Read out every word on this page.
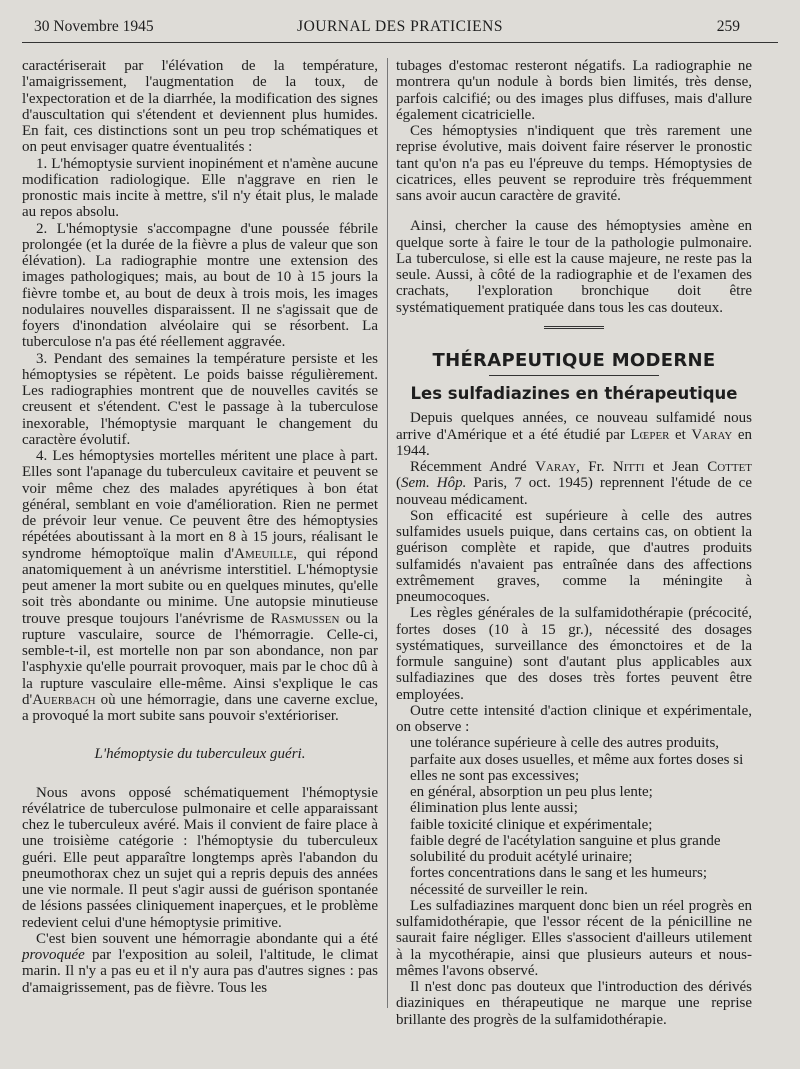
30 Novembre 1945	JOURNAL DES PRATICIENS	259

caractériserait par l'élévation de la température, l'amaigrissement, l'augmentation de la toux, de l'expectoration et de la diarrhée, la modification des signes d'auscultation qui s'étendent et deviennent plus humides. En fait, ces distinctions sont un peu trop schématiques et on peut envisager quatre éventualités :

1. L'hémoptysie survient inopinément et n'amène aucune modification radiologique. Elle n'aggrave en rien le pronostic mais incite à mettre, s'il n'y était plus, le malade au repos absolu.

2. L'hémoptysie s'accompagne d'une poussée fébrile prolongée (et la durée de la fièvre a plus de valeur que son élévation). La radiographie montre une extension des images pathologiques; mais, au bout de 10 à 15 jours la fièvre tombe et, au bout de deux à trois mois, les images nodulaires nouvelles disparaissent. Il ne s'agissait que de foyers d'inondation alvéolaire qui se résorbent. La tuberculose n'a pas été réellement aggravée.

3. Pendant des semaines la température persiste et les hémoptysies se répètent. Le poids baisse régulièrement. Les radiographies montrent que de nouvelles cavités se creusent et s'étendent. C'est le passage à la tuberculose inexorable, l'hémoptysie marquant le changement du caractère évolutif.

4. Les hémoptysies mortelles méritent une place à part. Elles sont l'apanage du tuberculeux cavitaire et peuvent se voir même chez des malades apyrétiques à bon état général, semblant en voie d'amélioration. Rien ne permet de prévoir leur venue. Ce peuvent être des hémoptysies répétées aboutissant à la mort en 8 à 15 jours, réalisant le syndrome hémoptoïque malin d'Ameuille, qui répond anatomiquement à un anévrisme interstitiel. L'hémoptysie peut amener la mort subite ou en quelques minutes, qu'elle soit très abondante ou minime. Une autopsie minutieuse trouve presque toujours l'anévrisme de Rasmussen ou la rupture vasculaire, source de l'hémorragie. Celle-ci, semble-t-il, est mortelle non par son abondance, non par l'asphyxie qu'elle pourrait provoquer, mais par le choc dû à la rupture vasculaire elle-même. Ainsi s'explique le cas d'Auerbach où une hémorragie, dans une caverne exclue, a provoqué la mort subite sans pouvoir s'extérioriser.

L'hémoptysie du tuberculeux guéri.

Nous avons opposé schématiquement l'hémoptysie révélatrice de tuberculose pulmonaire et celle apparaissant chez le tuberculeux avéré. Mais il convient de faire place à une troisième catégorie : l'hémoptysie du tuberculeux guéri. Elle peut apparaître longtemps après l'abandon du pneumothorax chez un sujet qui a repris depuis des années une vie normale. Il peut s'agir aussi de guérison spontanée de lésions passées cliniquement inaperçues, et le problème redevient celui d'une hémoptysie primitive.

C'est bien souvent une hémorragie abondante qui a été provoquée par l'exposition au soleil, l'altitude, le climat marin. Il n'y a pas eu et il n'y aura pas d'autres signes : pas d'amaigrissement, pas de fièvre. Tous les

tubages d'estomac resteront négatifs. La radiographie ne montrera qu'un nodule à bords bien limités, très dense, parfois calcifié; ou des images plus diffuses, mais d'allure également cicatricielle.

Ces hémoptysies n'indiquent que très rarement une reprise évolutive, mais doivent faire réserver le pronostic tant qu'on n'a pas eu l'épreuve du temps. Hémoptysies de cicatrices, elles peuvent se reproduire très fréquemment sans avoir aucun caractère de gravité.

Ainsi, chercher la cause des hémoptysies amène en quelque sorte à faire le tour de la pathologie pulmonaire. La tuberculose, si elle est la cause majeure, ne reste pas la seule. Aussi, à côté de la radiographie et de l'examen des crachats, l'exploration bronchique doit être systématiquement pratiquée dans tous les cas douteux.

THÉRAPEUTIQUE MODERNE

Les sulfadiazines en thérapeutique

Depuis quelques années, ce nouveau sulfamidé nous arrive d'Amérique et a été étudié par Lœper et Varay en 1944.

Récemment André Varay, Fr. Nitti et Jean Cottet (Sem. Hôp. Paris, 7 oct. 1945) reprennent l'étude de ce nouveau médicament.

Son efficacité est supérieure à celle des autres sulfamides usuels puique, dans certains cas, on obtient la guérison complète et rapide, que d'autres produits sulfamidés n'avaient pas entraînée dans des affections extrêmement graves, comme la méningite à pneumocoques.

Les règles générales de la sulfamidothérapie (précocité, fortes doses (10 à 15 gr.), nécessité des dosages systématiques, surveillance des émonctoires et de la formule sanguine) sont d'autant plus applicables aux sulfadiazines que des doses très fortes peuvent être employées.

Outre cette intensité d'action clinique et expérimentale, on observe :

une tolérance supérieure à celle des autres produits, parfaite aux doses usuelles, et même aux fortes doses si elles ne sont pas excessives;

en général, absorption un peu plus lente;

élimination plus lente aussi;

faible toxicité clinique et expérimentale;

faible degré de l'acétylation sanguine et plus grande solubilité du produit acétylé urinaire;

fortes concentrations dans le sang et les humeurs;

nécessité de surveiller le rein.

Les sulfadiazines marquent donc bien un réel progrès en sulfamidothérapie, que l'essor récent de la pénicilline ne saurait faire négliger. Elles s'associent d'ailleurs utilement à la mycothérapie, ainsi que plusieurs auteurs et nous-mêmes l'avons observé.

Il n'est donc pas douteux que l'introduction des dérivés diaziniques en thérapeutique ne marque une reprise brillante des progrès de la sulfamidothérapie.
